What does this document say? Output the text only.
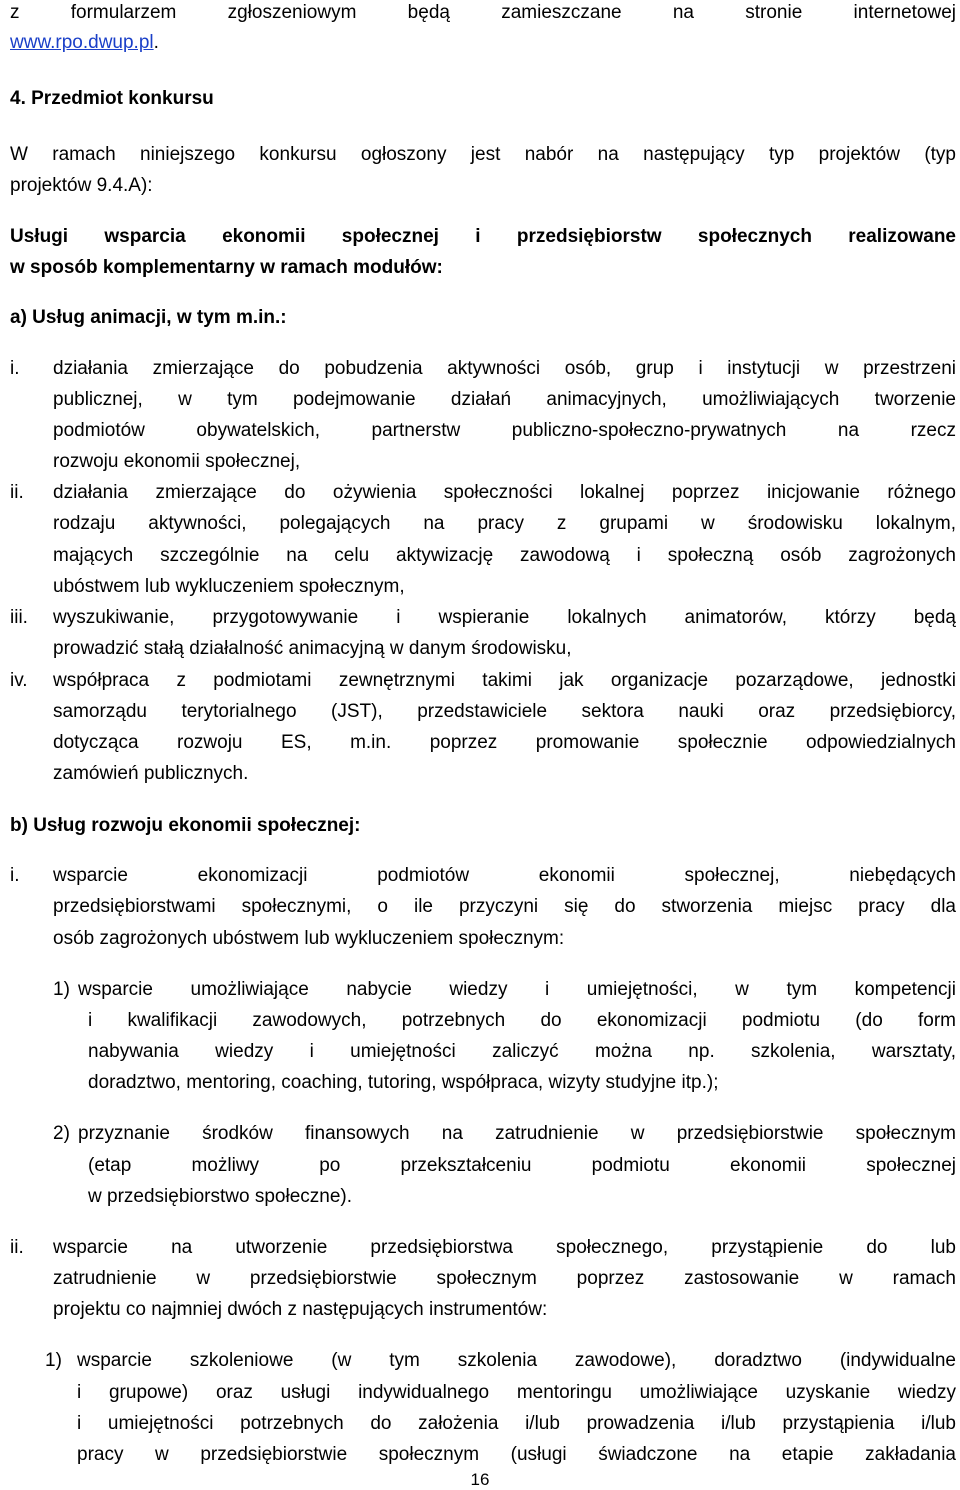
z formularzem zgłoszeniowym będą zamieszczane na stronie internetowej
www.rpo.dwup.pl.
4. Przedmiot konkursu
W ramach niniejszego konkursu ogłoszony jest nabór na następujący typ projektów (typ
projektów 9.4.A):
Usługi wsparcia ekonomii społecznej i przedsiębiorstw społecznych realizowane
w sposób komplementarny w ramach modułów:
a) Usług animacji, w tym m.in.:
i. działania zmierzające do pobudzenia aktywności osób, grup i instytucji w przestrzeni
publicznej, w tym podejmowanie działań animacyjnych, umożliwiających tworzenie
podmiotów obywatelskich, partnerstw publiczno-społeczno-prywatnych na rzecz
rozwoju ekonomii społecznej,
ii. działania zmierzające do ożywienia społeczności lokalnej poprzez inicjowanie różnego
rodzaju aktywności, polegających na pracy z grupami w środowisku lokalnym,
mających szczególnie na celu aktywizację zawodową i społeczną osób zagrożonych
ubóstwem lub wykluczeniem społecznym,
iii. wyszukiwanie, przygotowywanie i wspieranie lokalnych animatorów, którzy będą
prowadzić stałą działalność animacyjną w danym środowisku,
iv. współpraca z podmiotami zewnętrznymi takimi jak organizacje pozarządowe, jednostki
samorządu terytorialnego (JST), przedstawiciele sektora nauki oraz przedsiębiorcy,
dotycząca rozwoju ES, m.in. poprzez promowanie społecznie odpowiedzialnych
zamówień publicznych.
b) Usług rozwoju ekonomii społecznej:
i. wsparcie ekonomizacji podmiotów ekonomii społecznej, niebędących
przedsiębiorstwami społecznymi, o ile przyczyni się do stworzenia miejsc pracy dla
osób zagrożonych ubóstwem lub wykluczeniem społecznym:
1) wsparcie umożliwiające nabycie wiedzy i umiejętności, w tym kompetencji
i kwalifikacji zawodowych, potrzebnych do ekonomizacji podmiotu (do form
nabywania wiedzy i umiejętności zaliczyć można np. szkolenia, warsztaty,
doradztwo, mentoring, coaching, tutoring, współpraca, wizyty studyjne itp.);
2) przyznanie środków finansowych na zatrudnienie w przedsiębiorstwie społecznym
(etap możliwy po przekształceniu podmiotu ekonomii społecznej
w przedsiębiorstwo społeczne).
ii. wsparcie na utworzenie przedsiębiorstwa społecznego, przystąpienie do lub
zatrudnienie w przedsiębiorstwie społecznym poprzez zastosowanie w ramach
projektu co najmniej dwóch z następujących instrumentów:
1) wsparcie szkoleniowe (w tym szkolenia zawodowe), doradztwo (indywidualne
i grupowe) oraz usługi indywidualnego mentoringu umożliwiające uzyskanie wiedzy
i umiejętności potrzebnych do założenia i/lub prowadzenia i/lub przystąpienia i/lub
pracy w przedsiębiorstwie społecznym (usługi świadczone na etapie zakładania
16
